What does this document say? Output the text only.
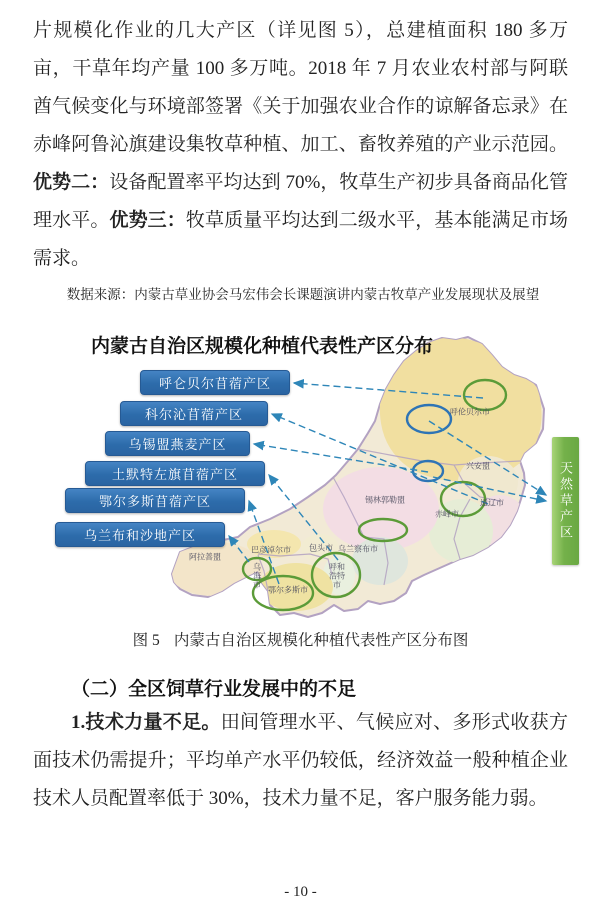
片规模化作业的几大产区（详见图 5），总建植面积 180 多万亩，干草年均产量 100 多万吨。2018 年 7 月农业农村部与阿联酋气候变化与环境部签署《关于加强农业合作的谅解备忘录》在赤峰阿鲁沁旗建设集牧草种植、加工、畜牧养殖的产业示范园。优势二：设备配置率平均达到 70%，牧草生产初步具备商品化管理水平。优势三：牧草质量平均达到二级水平，基本能满足市场需求。

数据来源：内蒙古草业协会马宏伟会长课题演讲内蒙古牧草产业发展现状及展望

内蒙古自治区规模化种植代表性产区分布
呼仑贝尔苜蓿产区
科尔沁苜蓿产区
乌锡盟燕麦产区
土默特左旗苜蓿产区
鄂尔多斯苜蓿产区
乌兰布和沙地产区	天然草产区
呼伦贝尔市
兴安盟
锡林郭勒盟
赤峰市
通辽市
巴彦淖尔市 包头市 乌兰察布市
呼和浩特市
鄂尔多斯市
阿拉善盟
乌海市

图 5 内蒙古自治区规模化种植代表性产区分布图

（二）全区饲草行业发展中的不足

1.技术力量不足。田间管理水平、气候应对、多形式收获方面技术仍需提升；平均单产水平仍较低，经济效益一般种植企业技术人员配置率低于 30%，技术力量不足，客户服务能力弱。

- 10 -
